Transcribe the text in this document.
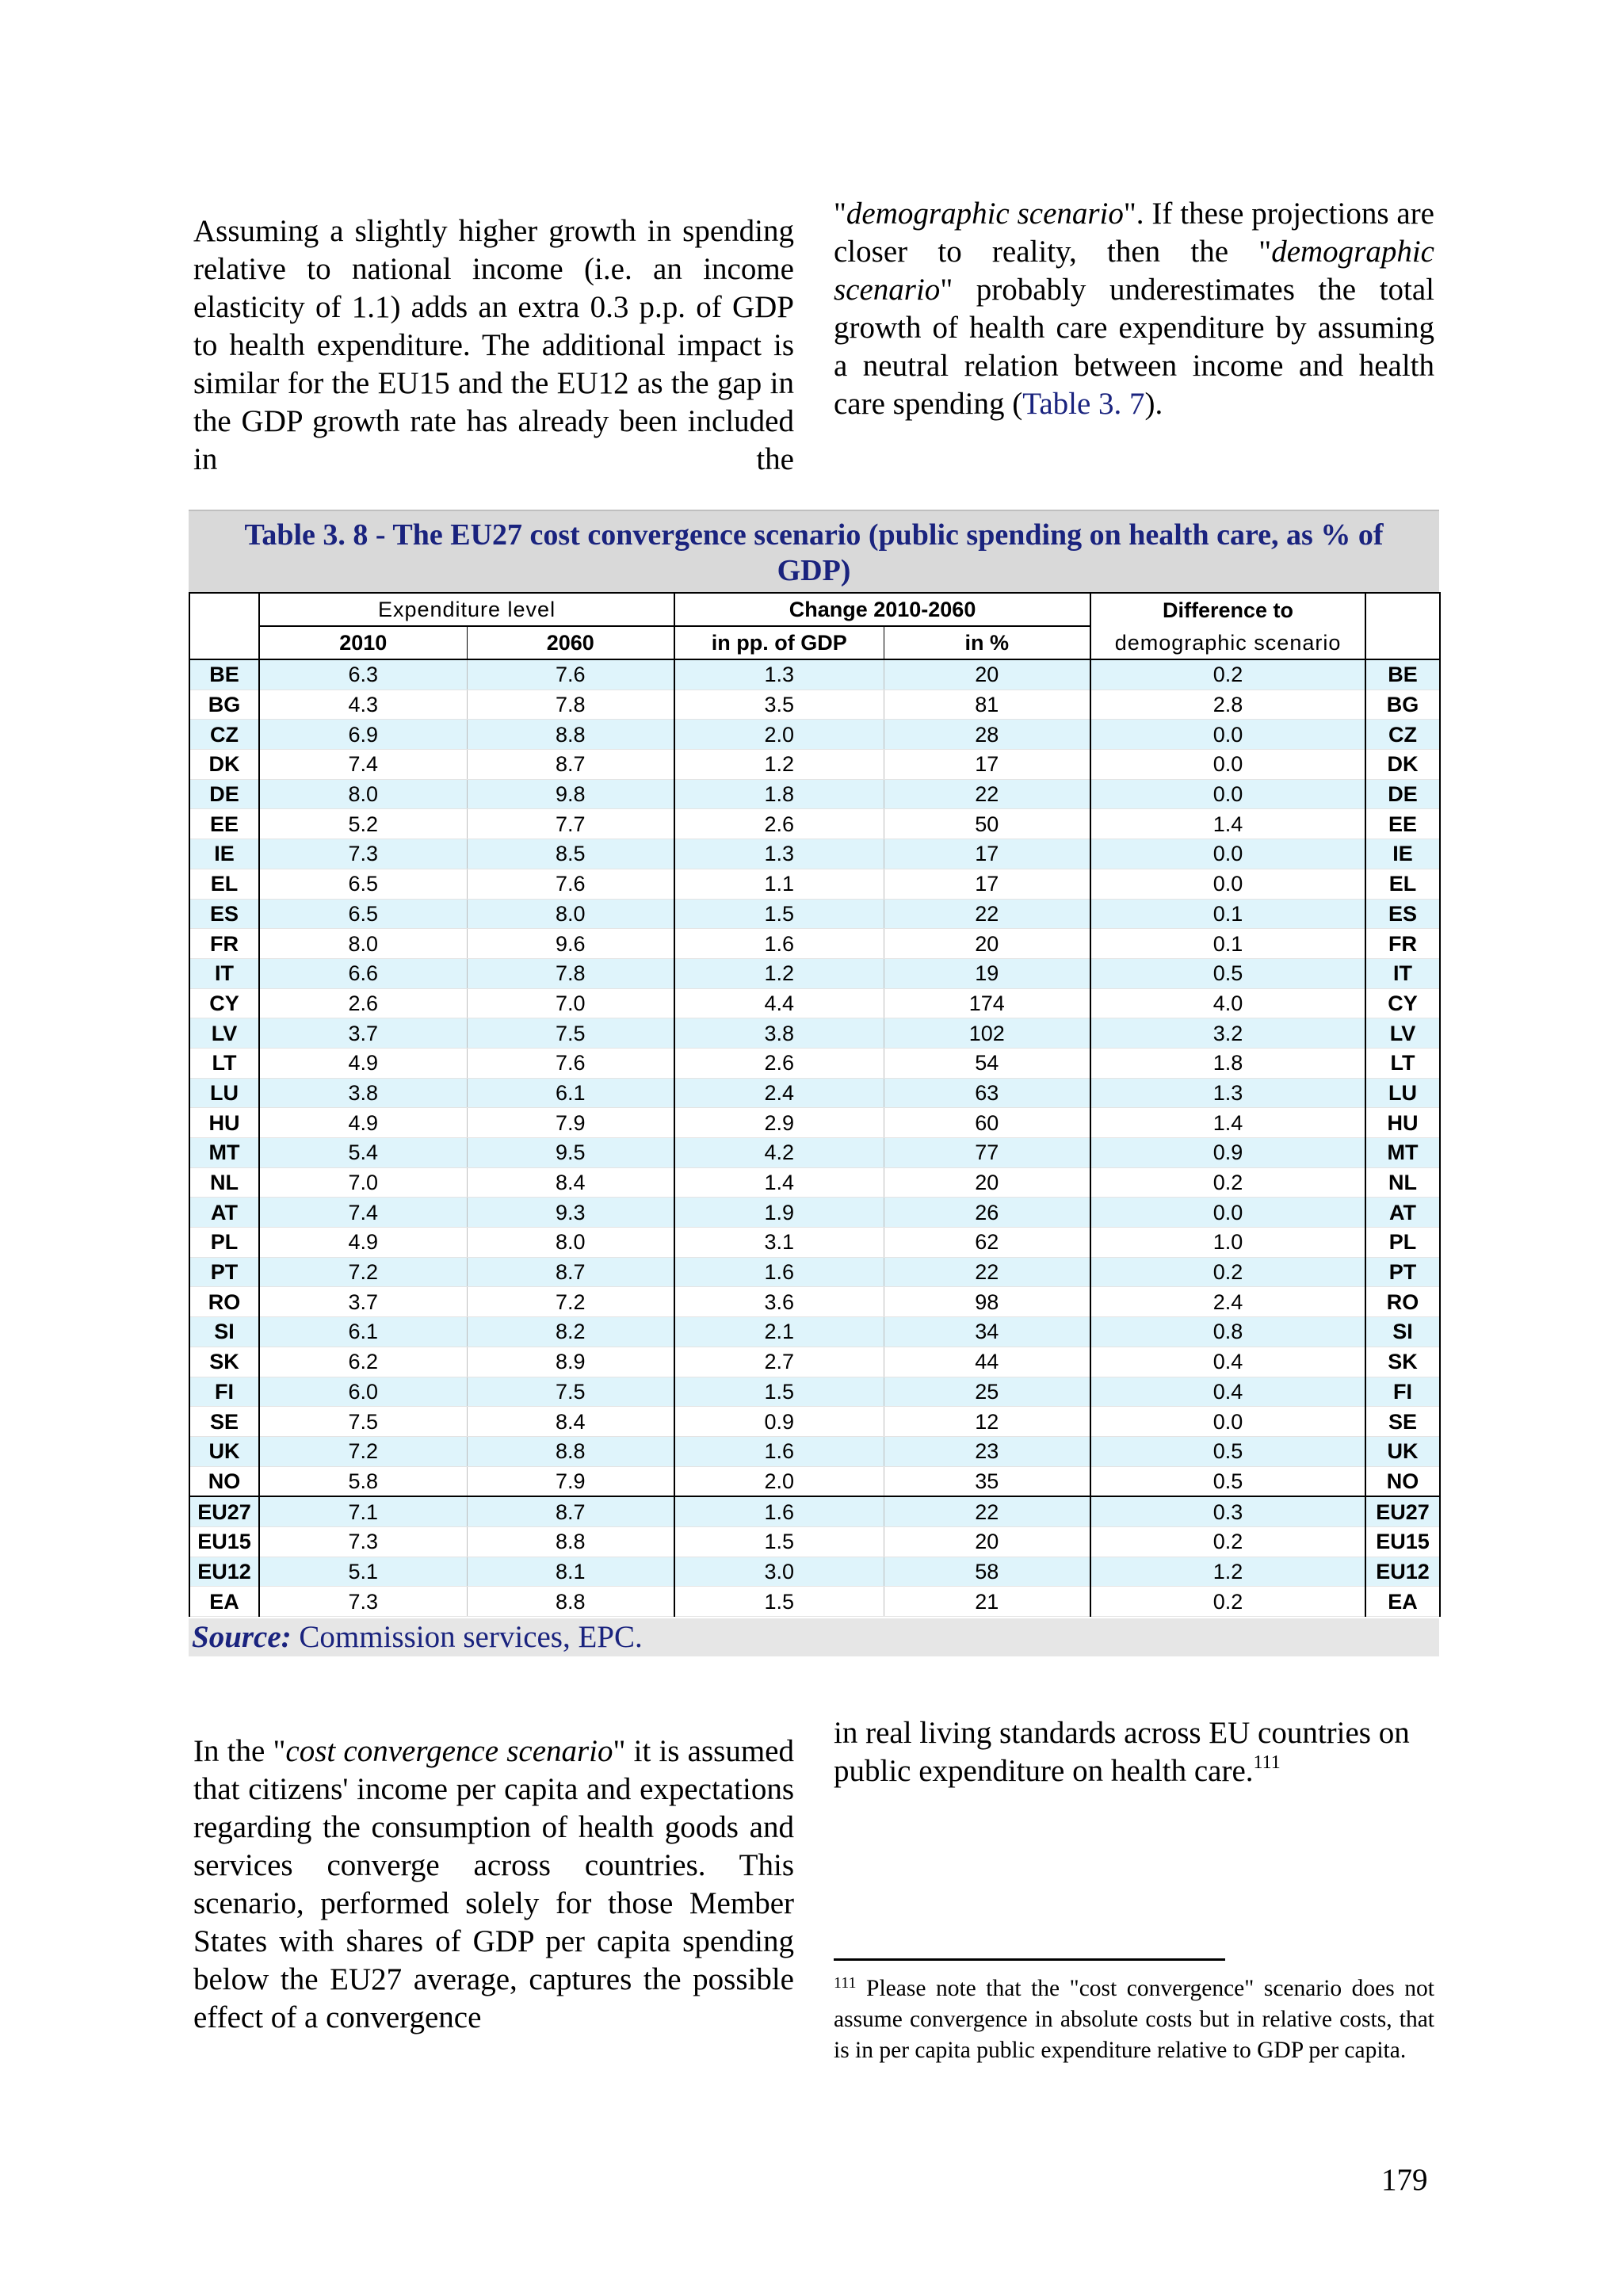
Assuming a slightly higher growth in spending relative to national income (i.e. an income elasticity of 1.1) adds an extra 0.3 p.p. of GDP to health expenditure. The additional impact is similar for the EU15 and the EU12 as the gap in the GDP growth rate has already been included in the

"demographic scenario". If these projections are closer to reality, then the "demographic scenario" probably underestimates the total growth of health care expenditure by assuming a neutral relation between income and health care spending (Table 3. 7).

Table 3. 8 - The EU27 cost convergence scenario (public spending on health care, as % of GDP)
	Expenditure level		Change 2010-2060		Difference to	
	2010	2060	in pp. of GDP	in %	demographic scenario	
BE	6.3	7.6	1.3	20	0.2	BE
BG	4.3	7.8	3.5	81	2.8	BG
CZ	6.9	8.8	2.0	28	0.0	CZ
DK	7.4	8.7	1.2	17	0.0	DK
DE	8.0	9.8	1.8	22	0.0	DE
EE	5.2	7.7	2.6	50	1.4	EE
IE	7.3	8.5	1.3	17	0.0	IE
EL	6.5	7.6	1.1	17	0.0	EL
ES	6.5	8.0	1.5	22	0.1	ES
FR	8.0	9.6	1.6	20	0.1	FR
IT	6.6	7.8	1.2	19	0.5	IT
CY	2.6	7.0	4.4	174	4.0	CY
LV	3.7	7.5	3.8	102	3.2	LV
LT	4.9	7.6	2.6	54	1.8	LT
LU	3.8	6.1	2.4	63	1.3	LU
HU	4.9	7.9	2.9	60	1.4	HU
MT	5.4	9.5	4.2	77	0.9	MT
NL	7.0	8.4	1.4	20	0.2	NL
AT	7.4	9.3	1.9	26	0.0	AT
PL	4.9	8.0	3.1	62	1.0	PL
PT	7.2	8.7	1.6	22	0.2	PT
RO	3.7	7.2	3.6	98	2.4	RO
SI	6.1	8.2	2.1	34	0.8	SI
SK	6.2	8.9	2.7	44	0.4	SK
FI	6.0	7.5	1.5	25	0.4	FI
SE	7.5	8.4	0.9	12	0.0	SE
UK	7.2	8.8	1.6	23	0.5	UK
NO	5.8	7.9	2.0	35	0.5	NO
EU27	7.1	8.7	1.6	22	0.3	EU27
EU15	7.3	8.8	1.5	20	0.2	EU15
EU12	5.1	8.1	3.0	58	1.2	EU12
EA	7.3	8.8	1.5	21	0.2	EA
Source: Commission services, EPC.

In the "cost convergence scenario" it is assumed that citizens' income per capita and expectations regarding the consumption of health goods and services converge across countries. This scenario, performed solely for those Member States with shares of GDP per capita spending below the EU27 average, captures the possible effect of a convergence

in real living standards across EU countries on public expenditure on health care.$^{111}$

$^{111}$ Please note that the "cost convergence" scenario does not assume convergence in absolute costs but in relative costs, that is in per capita public expenditure relative to GDP per capita.
179
